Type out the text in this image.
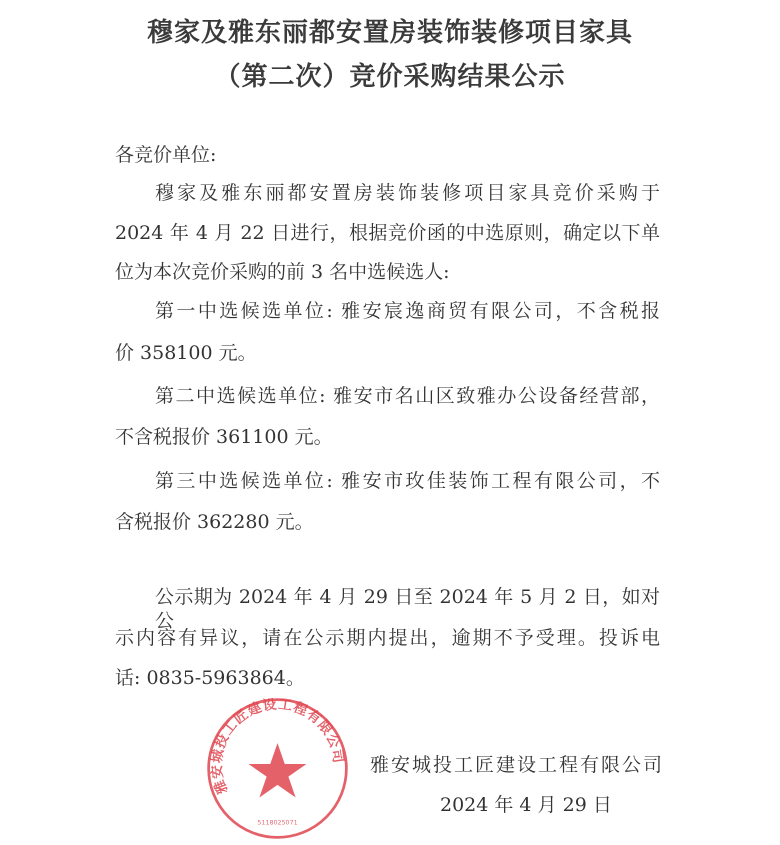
穆家及雅东丽都安置房装饰装修项目家具
（第二次）竞价采购结果公示
各竞价单位:
穆家及雅东丽都安置房装饰装修项目家具竞价采购于
2024 年 4 月 22 日进行，根据竞价函的中选原则，确定以下单
位为本次竞价采购的前 3 名中选候选人:
第一中选候选单位: 雅安宸逸商贸有限公司，不含税报
价 358100 元。
第二中选候选单位: 雅安市名山区致雅办公设备经营部，
不含税报价 361100 元。
第三中选候选单位: 雅安市玫佳装饰工程有限公司，不
含税报价 362280 元。
公示期为 2024 年 4 月 29 日至 2024 年 5 月 2 日，如对公
示内容有异议，请在公示期内提出，逾期不予受理。投诉电
话: 0835-5963864。
雅安城投工匠建设工程有限公司
5118025071
雅安城投工匠建设工程有限公司
2024 年 4 月 29 日
